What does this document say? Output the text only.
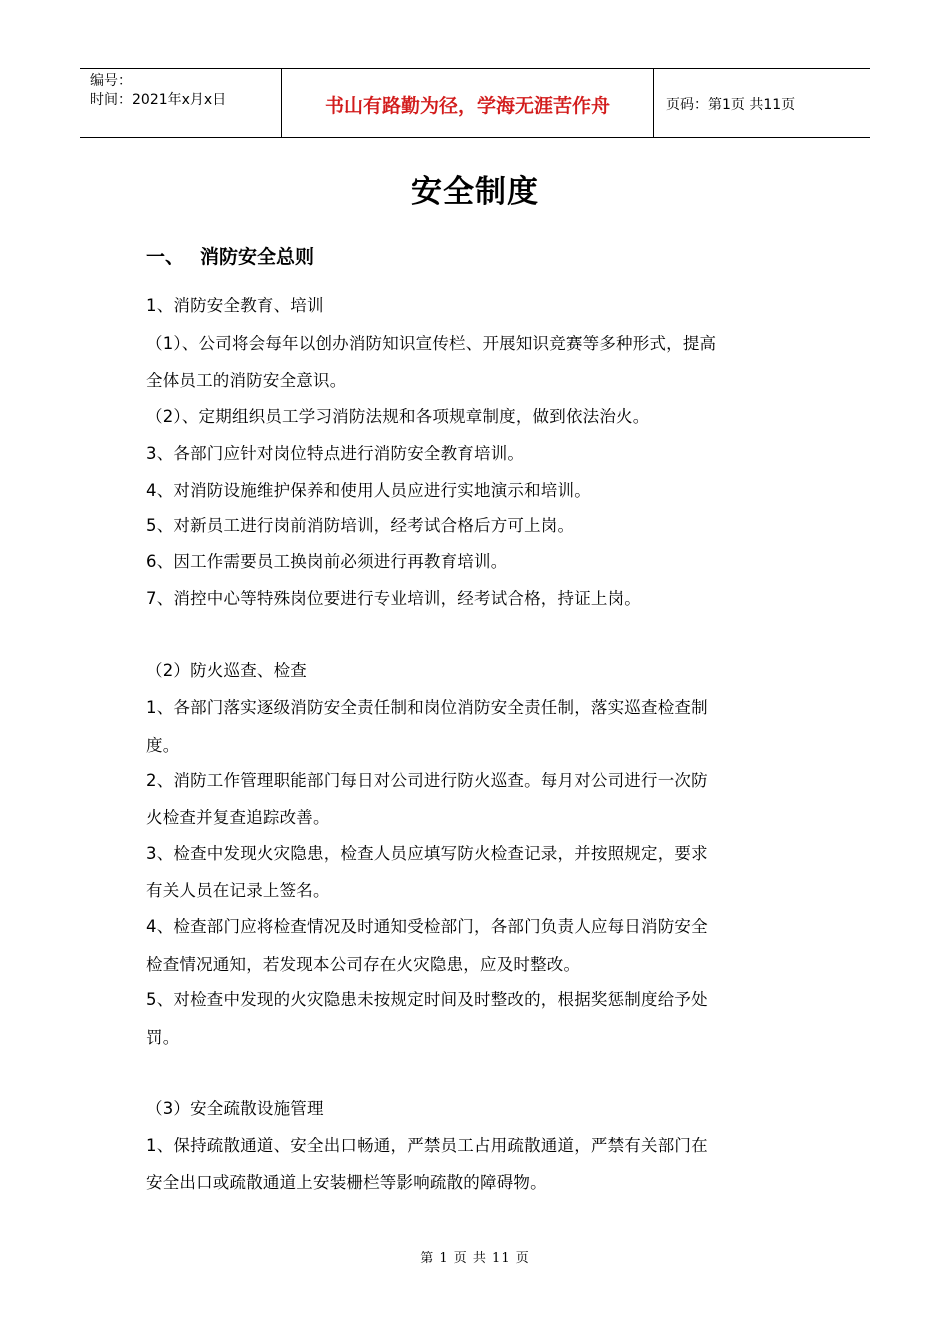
编号：
时间：2021年x月x日	书山有路勤为径，学海无涯苦作舟	页码：第1页 共11页
安全制度
一、 消防安全总则
1、消防安全教育、培训
（1）、公司将会每年以创办消防知识宣传栏、开展知识竞赛等多种形式，提高
全体员工的消防安全意识。
（2）、定期组织员工学习消防法规和各项规章制度，做到依法治火。
3、各部门应针对岗位特点进行消防安全教育培训。
4、对消防设施维护保养和使用人员应进行实地演示和培训。
5、对新员工进行岗前消防培训，经考试合格后方可上岗。
6、因工作需要员工换岗前必须进行再教育培训。
7、消控中心等特殊岗位要进行专业培训，经考试合格，持证上岗。
（2）防火巡查、检查
1、各部门落实逐级消防安全责任制和岗位消防安全责任制，落实巡查检查制
度。
2、消防工作管理职能部门每日对公司进行防火巡查。每月对公司进行一次防
火检查并复查追踪改善。
3、检查中发现火灾隐患，检查人员应填写防火检查记录，并按照规定，要求
有关人员在记录上签名。
4、检查部门应将检查情况及时通知受检部门，各部门负责人应每日消防安全
检查情况通知，若发现本公司存在火灾隐患，应及时整改。
5、对检查中发现的火灾隐患未按规定时间及时整改的，根据奖惩制度给予处
罚。
（3）安全疏散设施管理
1、保持疏散通道、安全出口畅通，严禁员工占用疏散通道，严禁有关部门在
安全出口或疏散通道上安装栅栏等影响疏散的障碍物。
第 1 页 共 11 页
